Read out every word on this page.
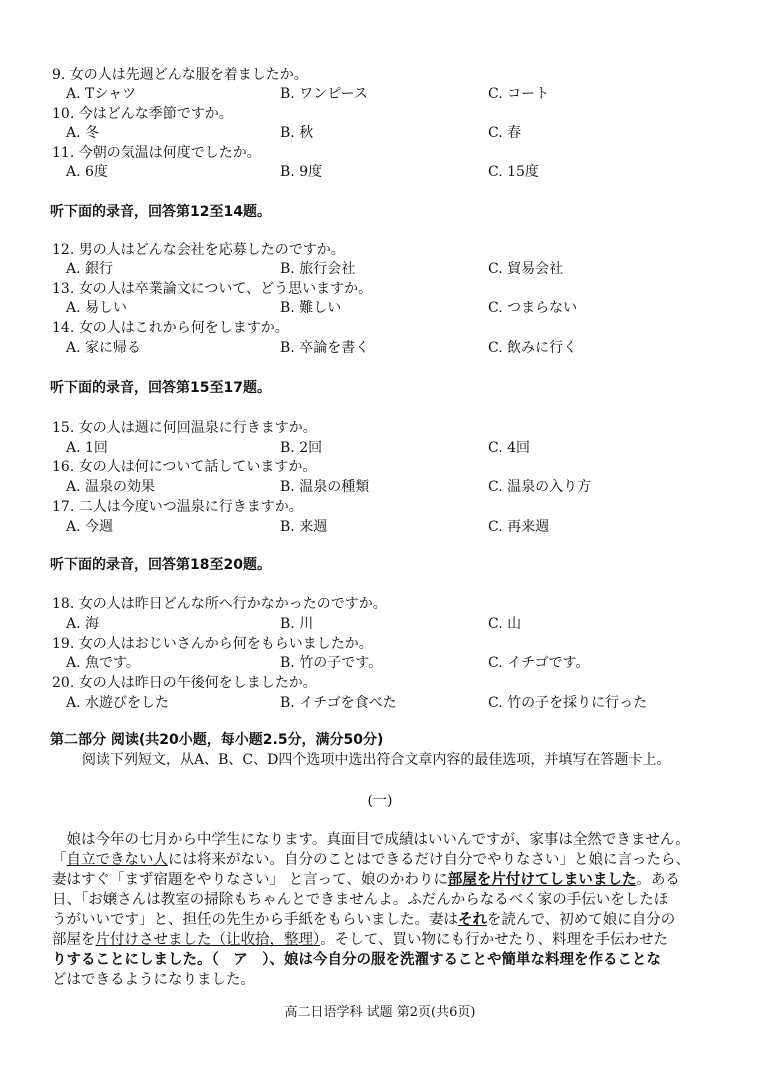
9. 女の人は先週どんな服を着ましたか。
A. Tシャツ	B. ワンピース	C. コート
10. 今はどんな季節ですか。
A. 冬	B. 秋	C. 春
11. 今朝の気温は何度でしたか。
A. 6度	B. 9度	C. 15度
听下面的录音，回答第12至14题。
12. 男の人はどんな会社を応募したのですか。
A. 銀行	B. 旅行会社	C. 貿易会社
13. 女の人は卒業論文について、どう思いますか。
A. 易しい	B. 難しい	C. つまらない
14. 女の人はこれから何をしますか。
A. 家に帰る	B. 卒論を書く	C. 飲みに行く
听下面的录音，回答第15至17题。
15. 女の人は週に何回温泉に行きますか。
A. 1回	B. 2回	C. 4回
16. 女の人は何について話していますか。
A. 温泉の効果	B. 温泉の種類	C. 温泉の入り方
17. 二人は今度いつ温泉に行きますか。
A. 今週	B. 来週	C. 再来週
听下面的录音，回答第18至20题。
18. 女の人は昨日どんな所へ行かなかったのですか。
A. 海	B. 川	C. 山
19. 女の人はおじいさんから何をもらいましたか。
A. 魚です。	B. 竹の子です。	C. イチゴです。
20. 女の人は昨日の午後何をしましたか。
A. 水遊びをした	B. イチゴを食べた	C. 竹の子を採りに行った
第二部分 阅读(共20小题，每小题2.5分，满分50分)
阅读下列短文，从A、B、C、D四个选项中选出符合文章内容的最佳选项，并填写在答题卡上。
(一)
　娘は今年の七月から中学生になります。真面目で成績はいいんですが、家事は全然できません。
「自立できない人には将来がない。自分のことはできるだけ自分でやりなさい」と娘に言ったら、
妻はすぐ「まず宿題をやりなさい」 と言って、娘のかわりに部屋を片付けてしまいました。ある
日、「お嬢さんは教室の掃除もちゃんとできませんよ。ふだんからなるべく家の手伝いをしたほ
うがいいです」と、担任の先生から手紙をもらいました。妻はそれを読んで、初めて娘に自分の
部屋を片付けさせました（让收拾，整理）。そして、買い物にも行かせたり、料理を手伝わせた
りすることにしました。（　ア　）、娘は今自分の服を洗濯することや簡単な料理を作ることな
どはできるようになりました。
高二日语学科 试题 第2页(共6页)
